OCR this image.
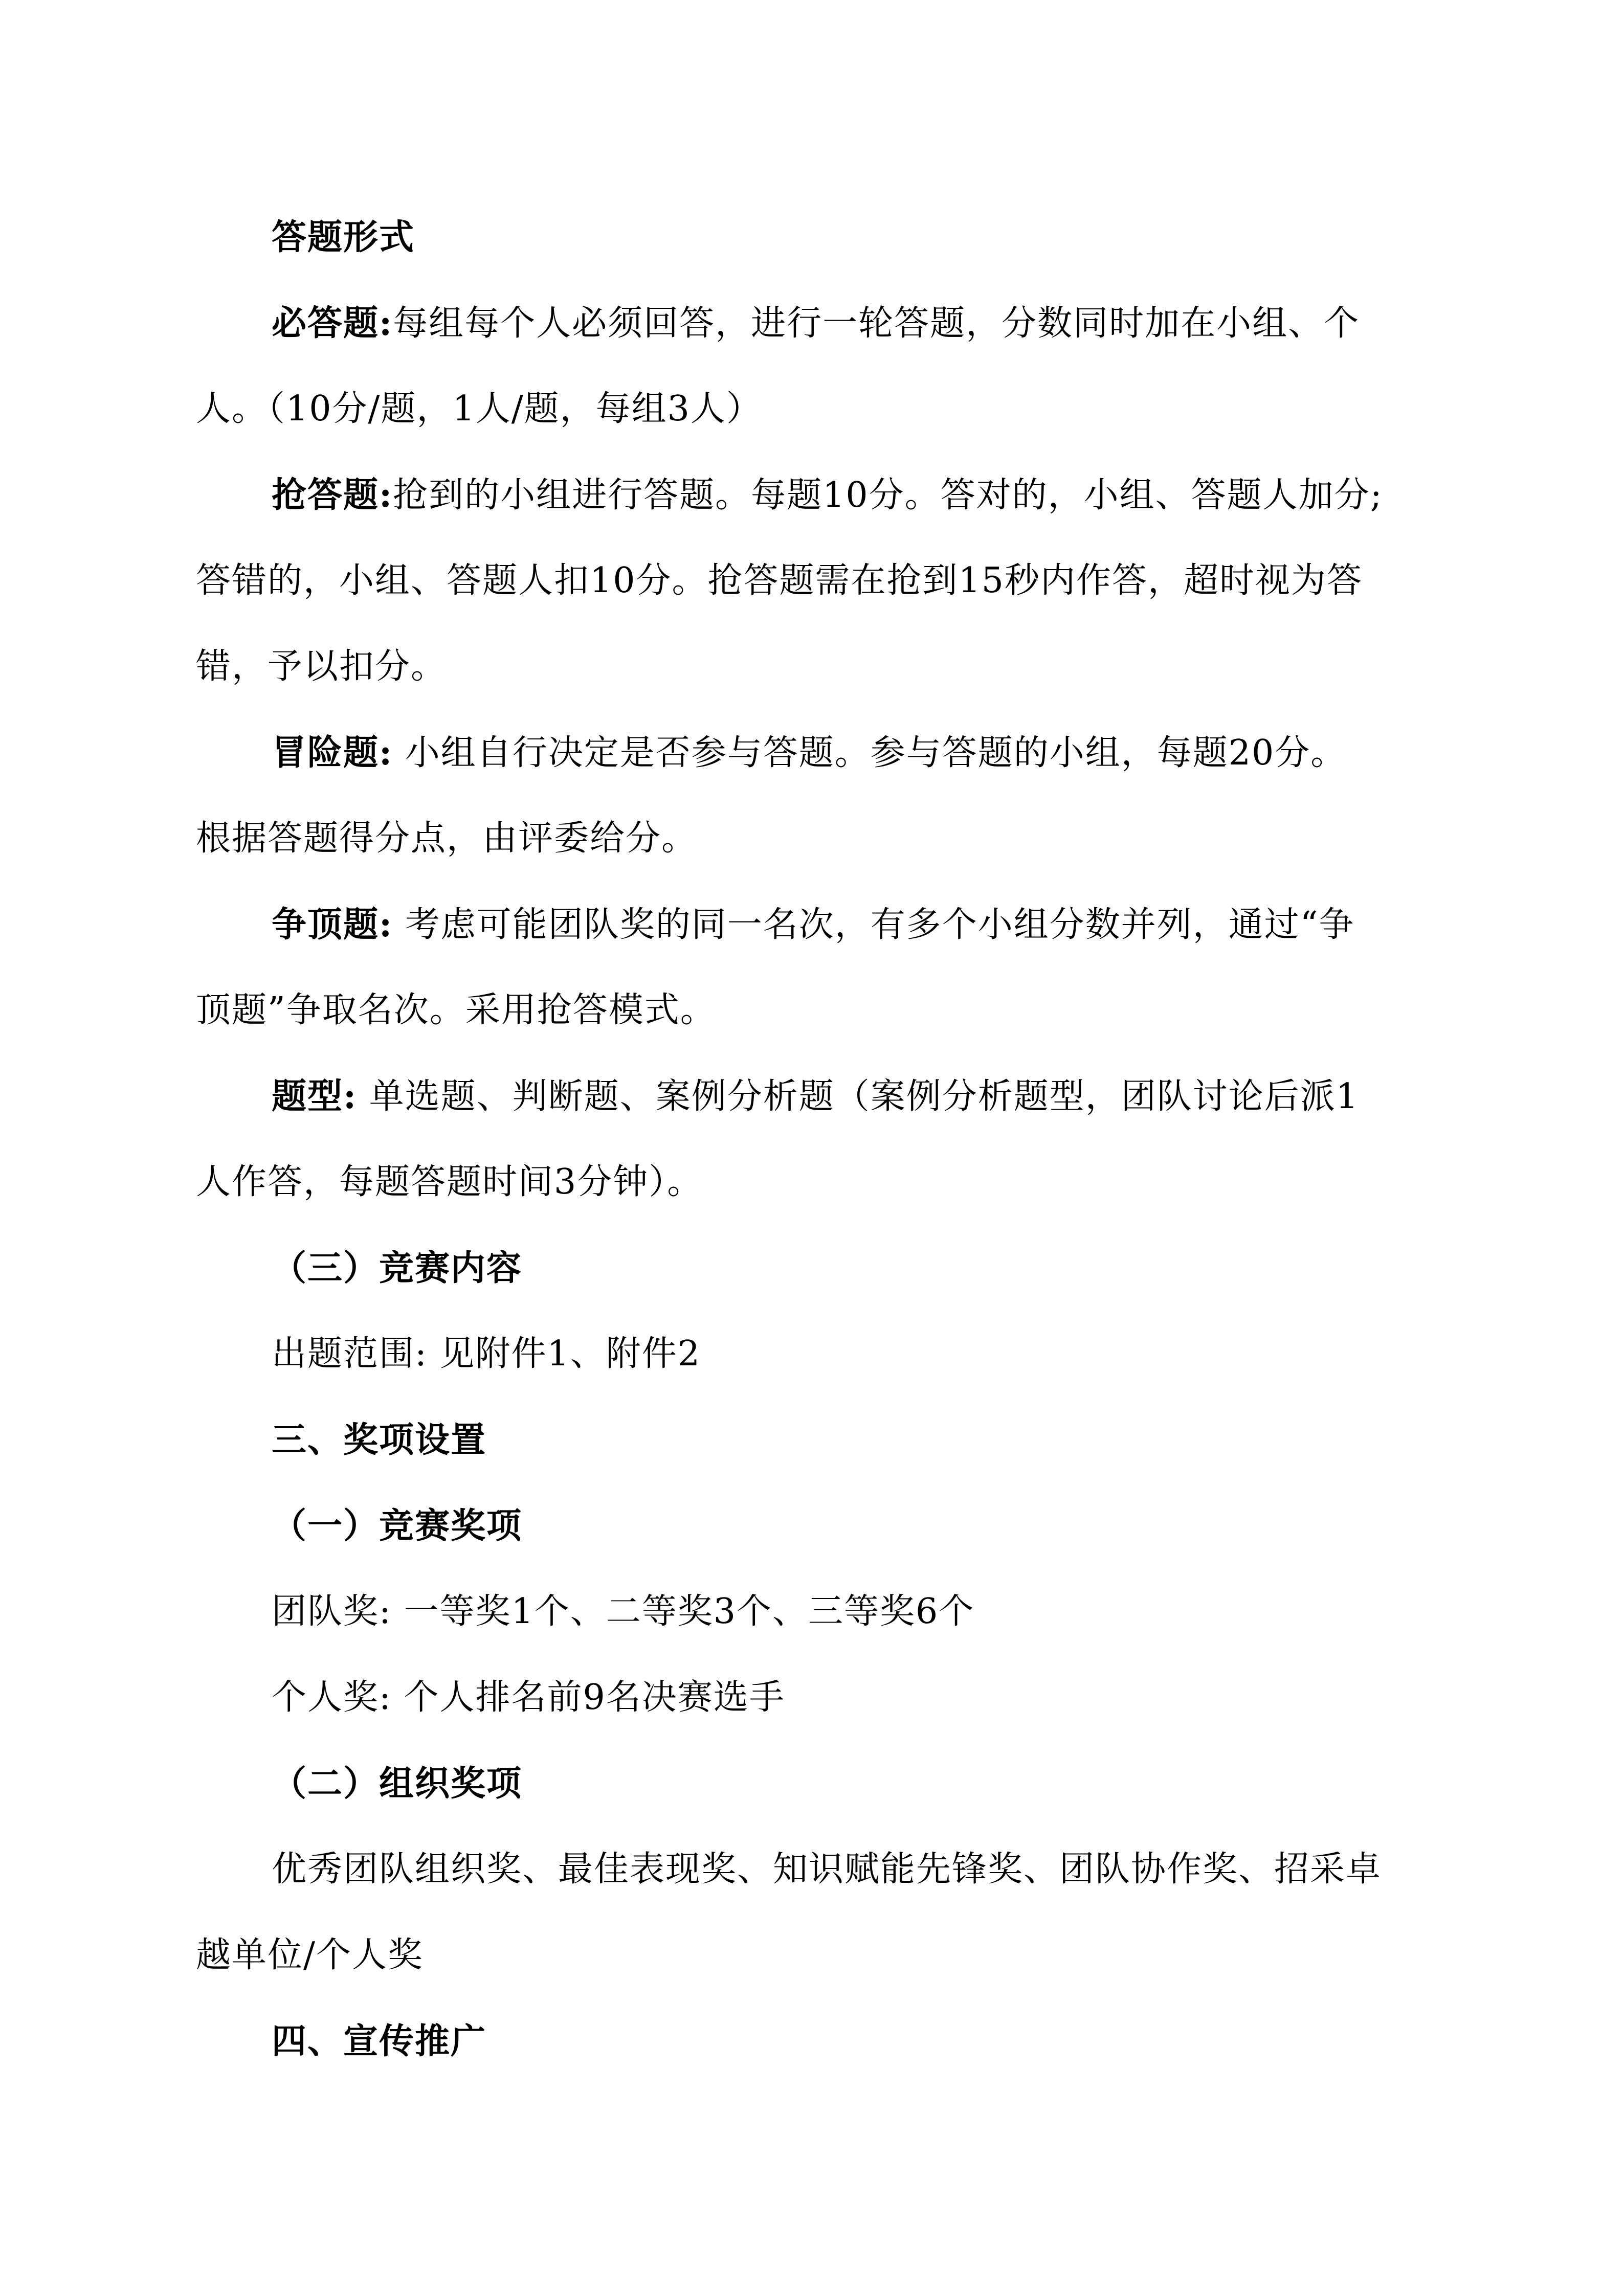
答题形式
必答题:每组每个人必须回答，进行一轮答题，分数同时加在小组、个
人。（10分/题，1人/题，每组3人）
抢答题:抢到的小组进行答题。每题10分。答对的，小组、答题人加分;
答错的，小组、答题人扣10分。抢答题需在抢到15秒内作答，超时视为答
错，予以扣分。
冒险题: 小组自行决定是否参与答题。参与答题的小组，每题20分。
根据答题得分点，由评委给分。
争顶题: 考虑可能团队奖的同一名次，有多个小组分数并列，通过“争
顶题”争取名次。采用抢答模式。
题型: 单选题、判断题、案例分析题（案例分析题型，团队讨论后派1
人作答，每题答题时间3分钟）。
（三）竞赛内容
出题范围: 见附件1、附件2
三、奖项设置
（一）竞赛奖项
团队奖: 一等奖1个、二等奖3个、三等奖6个
个人奖: 个人排名前9名决赛选手
（二）组织奖项
优秀团队组织奖、最佳表现奖、知识赋能先锋奖、团队协作奖、招采卓
越单位/个人奖
四、宣传推广
